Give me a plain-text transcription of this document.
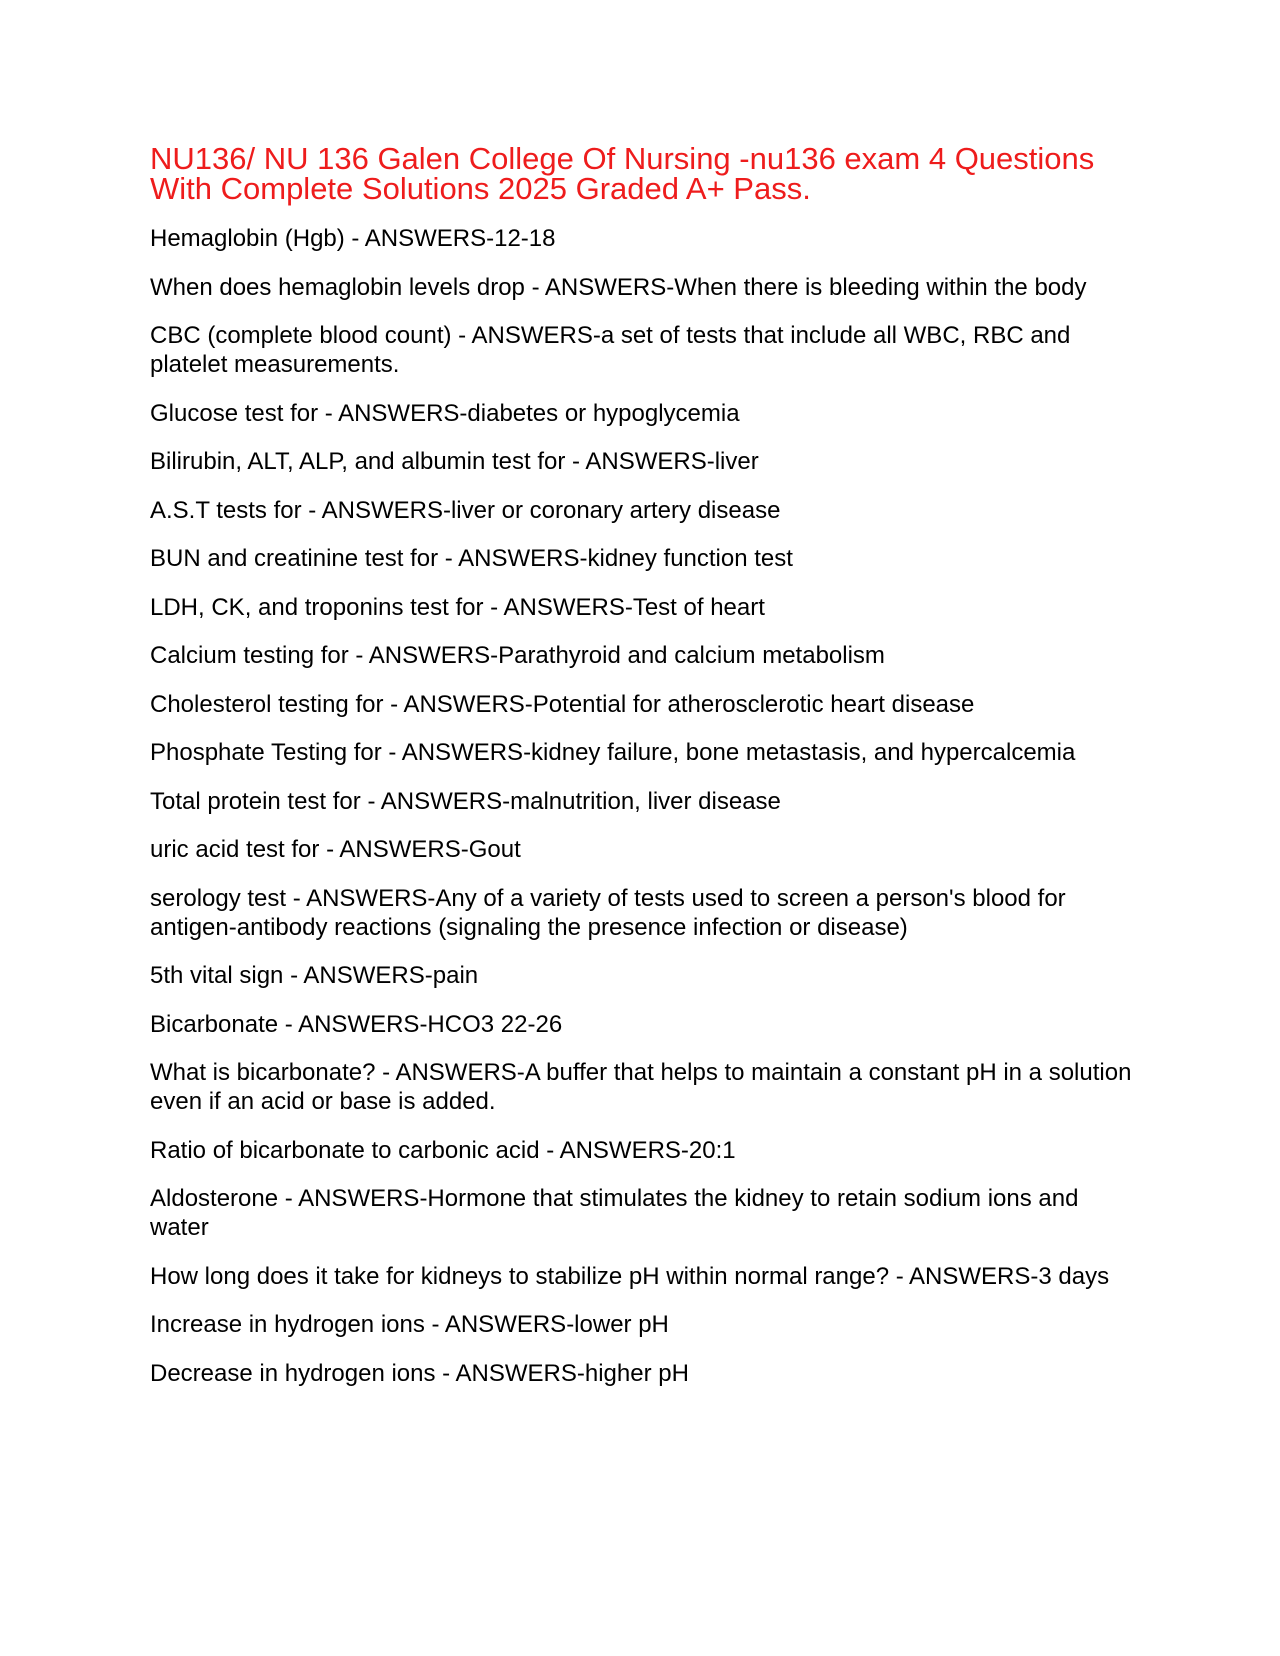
NU136/ NU 136 Galen College Of Nursing -nu136 exam 4 Questions With Complete Solutions 2025 Graded A+ Pass.
Hemaglobin (Hgb) - ANSWERS-12-18
When does hemaglobin levels drop - ANSWERS-When there is bleeding within the body
CBC (complete blood count) - ANSWERS-a set of tests that include all WBC, RBC and platelet measurements.
Glucose test for - ANSWERS-diabetes or hypoglycemia
Bilirubin, ALT, ALP, and albumin test for - ANSWERS-liver
A.S.T tests for - ANSWERS-liver or coronary artery disease
BUN and creatinine test for - ANSWERS-kidney function test
LDH, CK, and troponins test for - ANSWERS-Test of heart
Calcium testing for - ANSWERS-Parathyroid and calcium metabolism
Cholesterol testing for - ANSWERS-Potential for atherosclerotic heart disease
Phosphate Testing for - ANSWERS-kidney failure, bone metastasis, and hypercalcemia
Total protein test for - ANSWERS-malnutrition, liver disease
uric acid test for - ANSWERS-Gout
serology test - ANSWERS-Any of a variety of tests used to screen a person's blood for antigen-antibody reactions (signaling the presence infection or disease)
5th vital sign - ANSWERS-pain
Bicarbonate - ANSWERS-HCO3 22-26
What is bicarbonate? - ANSWERS-A buffer that helps to maintain a constant pH in a solution even if an acid or base is added.
Ratio of bicarbonate to carbonic acid - ANSWERS-20:1
Aldosterone - ANSWERS-Hormone that stimulates the kidney to retain sodium ions and water
How long does it take for kidneys to stabilize pH within normal range? - ANSWERS-3 days
Increase in hydrogen ions - ANSWERS-lower pH
Decrease in hydrogen ions - ANSWERS-higher pH
